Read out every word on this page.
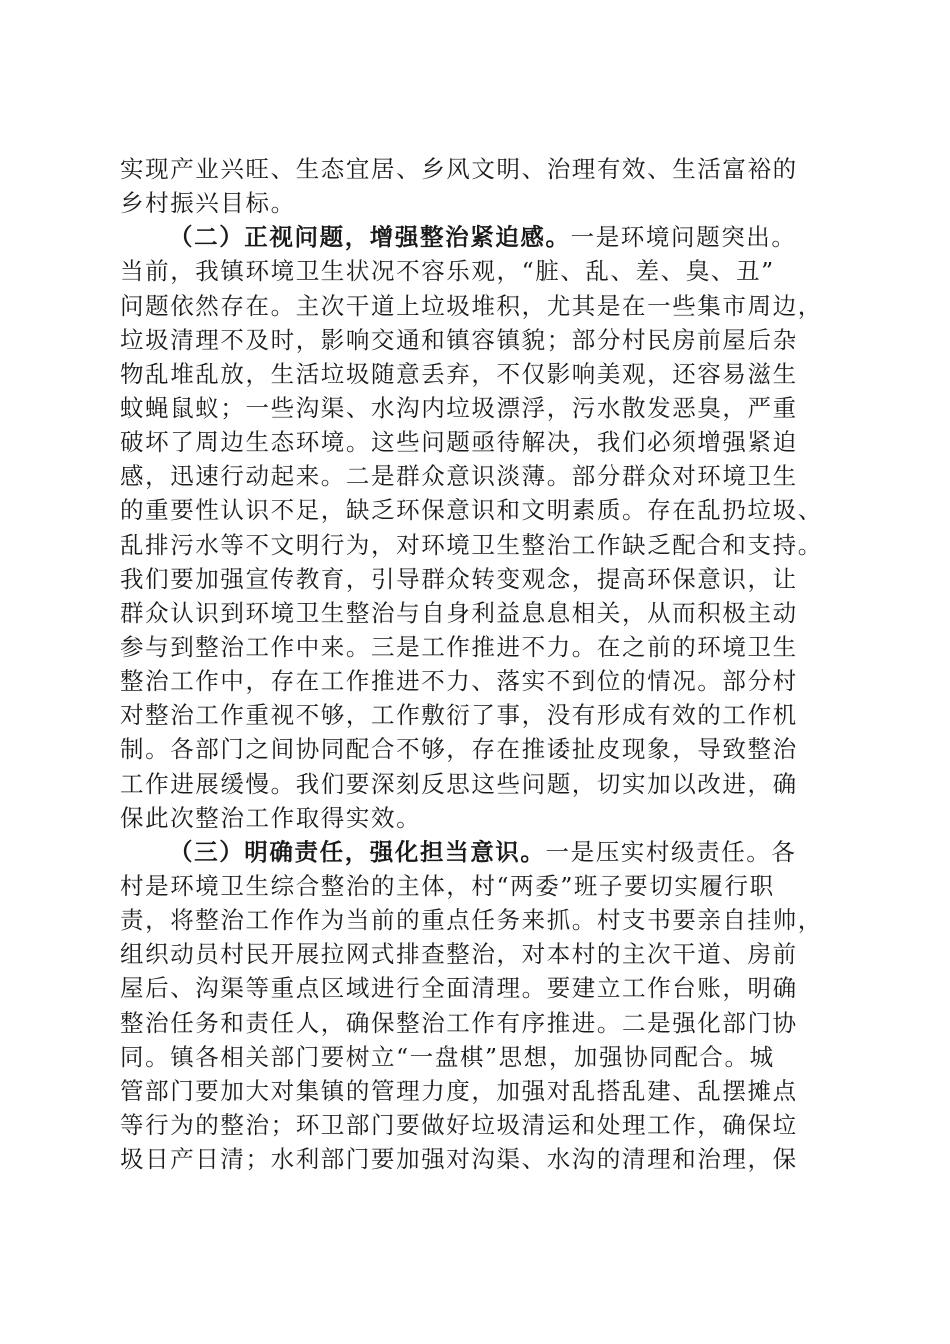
实现产业兴旺、生态宜居、乡风文明、治理有效、生活富裕的
乡村振兴目标。
（二）正视问题，增强整治紧迫感。一是环境问题突出。
当前，我镇环境卫生状况不容乐观，“脏、乱、差、臭、丑”
问题依然存在。主次干道上垃圾堆积，尤其是在一些集市周边，
垃圾清理不及时，影响交通和镇容镇貌；部分村民房前屋后杂
物乱堆乱放，生活垃圾随意丢弃，不仅影响美观，还容易滋生
蚊蝇鼠蚁；一些沟渠、水沟内垃圾漂浮，污水散发恶臭，严重
破坏了周边生态环境。这些问题亟待解决，我们必须增强紧迫
感，迅速行动起来。二是群众意识淡薄。部分群众对环境卫生
的重要性认识不足，缺乏环保意识和文明素质。存在乱扔垃圾、
乱排污水等不文明行为，对环境卫生整治工作缺乏配合和支持。
我们要加强宣传教育，引导群众转变观念，提高环保意识，让
群众认识到环境卫生整治与自身利益息息相关，从而积极主动
参与到整治工作中来。三是工作推进不力。在之前的环境卫生
整治工作中，存在工作推进不力、落实不到位的情况。部分村
对整治工作重视不够，工作敷衍了事，没有形成有效的工作机
制。各部门之间协同配合不够，存在推诿扯皮现象，导致整治
工作进展缓慢。我们要深刻反思这些问题，切实加以改进，确
保此次整治工作取得实效。
（三）明确责任，强化担当意识。一是压实村级责任。各
村是环境卫生综合整治的主体，村“两委”班子要切实履行职
责，将整治工作作为当前的重点任务来抓。村支书要亲自挂帅，
组织动员村民开展拉网式排查整治，对本村的主次干道、房前
屋后、沟渠等重点区域进行全面清理。要建立工作台账，明确
整治任务和责任人，确保整治工作有序推进。二是强化部门协
同。镇各相关部门要树立“一盘棋”思想，加强协同配合。城
管部门要加大对集镇的管理力度，加强对乱搭乱建、乱摆摊点
等行为的整治；环卫部门要做好垃圾清运和处理工作，确保垃
圾日产日清；水利部门要加强对沟渠、水沟的清理和治理，保
